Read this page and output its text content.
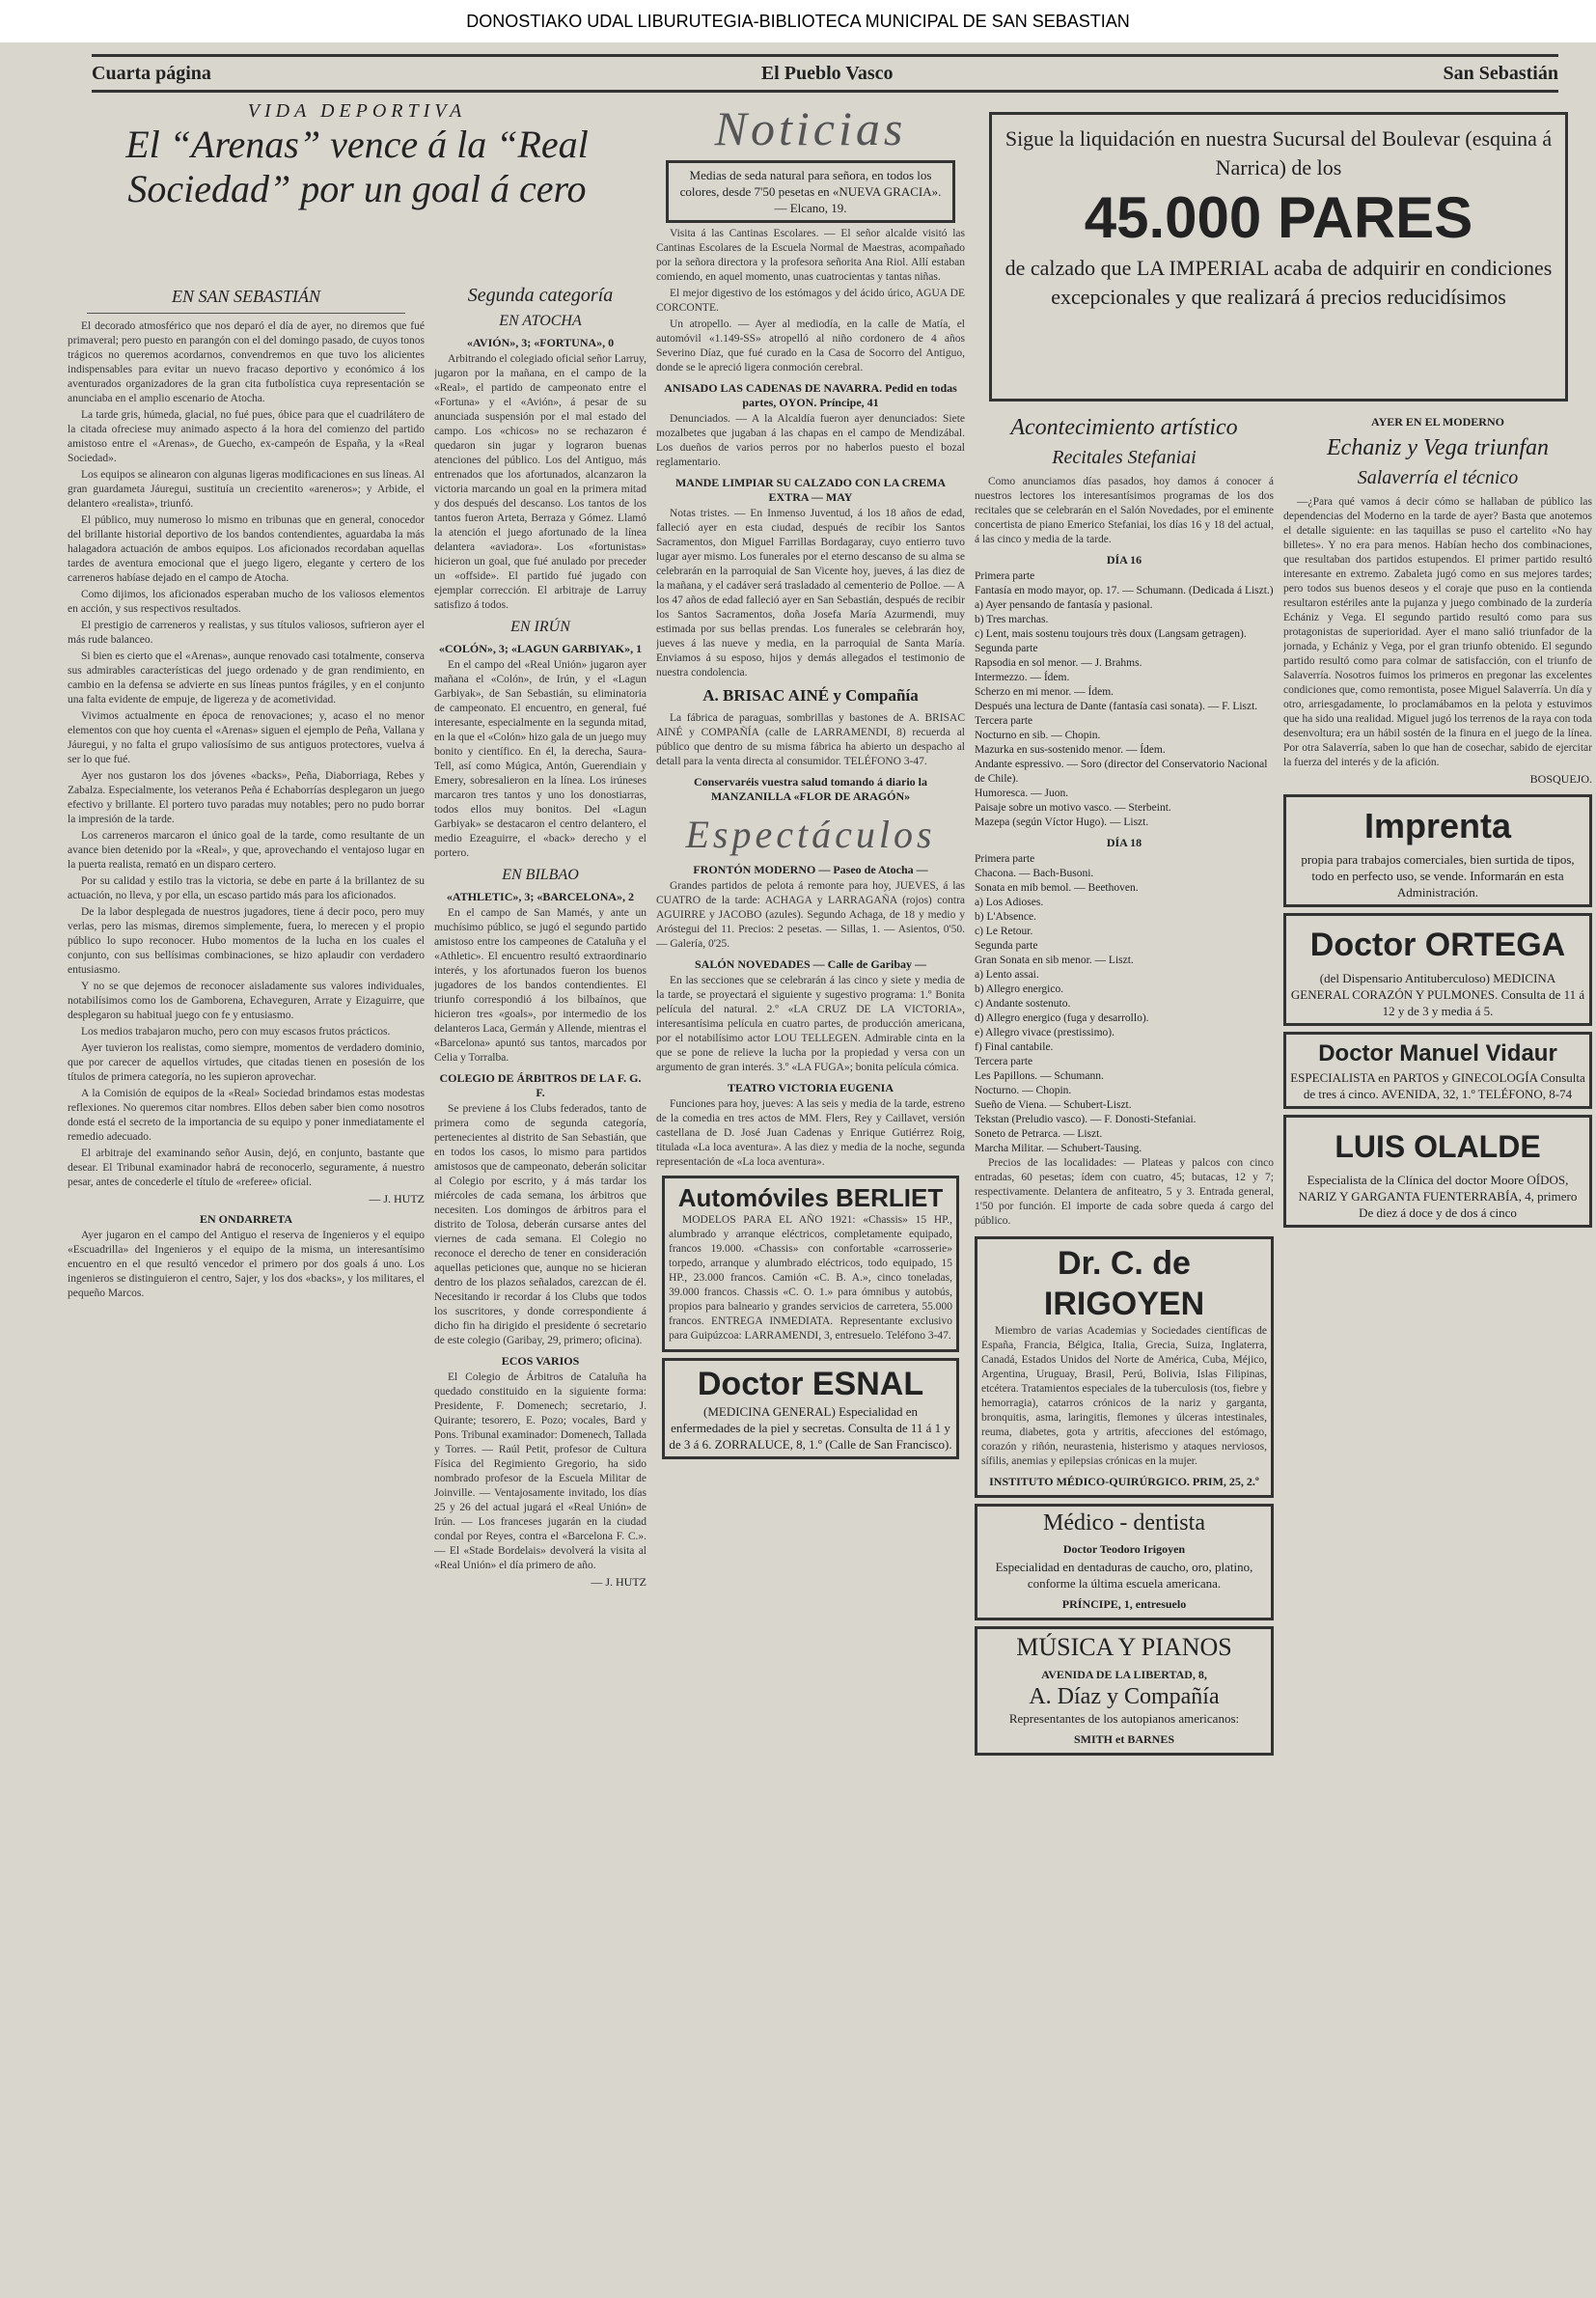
DONOSTIAKO UDAL LIBURUTEGIA-BIBLIOTECA MUNICIPAL DE SAN SEBASTIAN
Cuarta página	El Pueblo Vasco	San Sebastián
VIDA DEPORTIVA
El “Arenas” vence á la “Real Sociedad” por un goal á cero
EN SAN SEBASTIÁN

El decorado atmosférico que nos deparó el día de ayer, no diremos que fué primaveral; pero puesto en parangón con el del domingo pasado, de cuyos tonos trágicos no queremos acordarnos, convendremos en que tuvo los alicientes indispensables para evitar un nuevo fracaso deportivo y económico á los aventurados organizadores de la gran cita futbolística cuya representación se anunciaba en el amplio escenario de Atocha.

La tarde gris, húmeda, glacial, no fué pues, óbice para que el cuadrilátero de la citada ofreciese muy animado aspecto á la hora del comienzo del partido amistoso entre el «Arenas», de Guecho, ex-campeón de España, y la «Real Sociedad».

Los equipos se alinearon con algunas ligeras modificaciones en sus líneas. Al gran guardameta Jáuregui, sustituía un crecientito «areneros»; y Arbide, el delantero «realista», triunfó.

El público, muy numeroso lo mismo en tribunas que en general, conocedor del brillante historial deportivo de los bandos contendientes, aguardaba la más halagadora actuación de ambos equipos. Los aficionados recordaban aquellas tardes de aventura emocional que el juego ligero, elegante y certero de los carreneros habíase dejado en el campo de Atocha.

Como dijimos, los aficionados esperaban mucho de los valiosos elementos en acción, y sus respectivos resultados.

El prestigio de carreneros y realistas, y sus títulos valiosos, sufrieron ayer el más rude balanceo.

Si bien es cierto que el «Arenas», aunque renovado casi totalmente, conserva sus admirables características del juego ordenado y de gran rendimiento, en cambio en la defensa se advierte en sus líneas puntos frágiles, y en el conjunto una falta evidente de empuje, de ligereza y de acometividad.

Vivimos actualmente en época de renovaciones; y, acaso el no menor elementos con que hoy cuenta el «Arenas» siguen el ejemplo de Peña, Vallana y Jáuregui, y no falta el grupo valiosísimo de sus antiguos protectores, vuelva á ser lo que fué.

Ayer nos gustaron los dos jóvenes «backs», Peña, Diaborriaga, Rebes y Zabalza. Especialmente, los veteranos Peña é Echaborrías desplegaron un juego efectivo y brillante. El portero tuvo paradas muy notables; pero no pudo borrar la impresión de la tarde.

Los carreneros marcaron el único goal de la tarde, como resultante de un avance bien detenido por la «Real», y que, aprovechando el ventajoso lugar en la puerta realista, remató en un disparo certero.

Por su calidad y estilo tras la victoria, se debe en parte á la brillantez de su actuación, no lleva, y por ella, un escaso partido más para los aficionados.

De la labor desplegada de nuestros jugadores, tiene á decir poco, pero muy verlas, pero las mismas, diremos simplemente, fuera, lo merecen y el propio público lo supo reconocer. Hubo momentos de la lucha en los cuales el conjunto, con sus bellísimas combinaciones, se hizo aplaudir con verdadero entusiasmo.

Y no se que dejemos de reconocer aisladamente sus valores individuales, notabilísimos como los de Gamborena, Echaveguren, Arrate y Eizaguirre, que desplegaron su habitual juego con fe y entusiasmo.

Los medios trabajaron mucho, pero con muy escasos frutos prácticos.

Ayer tuvieron los realistas, como siempre, momentos de verdadero dominio, que por carecer de aquellos virtudes, que citadas tienen en posesión de los títulos de primera categoría, no les supieron aprovechar.

A la Comisión de equipos de la «Real» Sociedad brindamos estas modestas reflexiones. No queremos citar nombres. Ellos deben saber bien como nosotros donde está el secreto de la importancia de su equipo y poner inmediatamente el remedio adecuado.

El arbitraje del examinando señor Ausin, dejó, en conjunto, bastante que desear. El Tribunal examinador habrá de reconocerlo, seguramente, á nuestro pesar, antes de concederle el título de «referee» oficial.

— J. HUTZ
EN ONDARRETA

Ayer jugaron en el campo del Antiguo el reserva de Ingenieros y el equipo «Escuadrilla» del Ingenieros y el equipo de la misma, un interesantísimo encuentro en el que resultó vencedor el primero por dos goals á uno. Los ingenieros se distinguieron el centro, Sajer, y los dos «backs», y los militares, el pequeño Marcos.

Segunda categoría
EN ATOCHA
«AVIÓN», 3; «FORTUNA», 0

Arbitrando el colegiado oficial señor Larruy, jugaron por la mañana, en el campo de la «Real», el partido de campeonato entre el «Fortuna» y el «Avión», á pesar de su anunciada suspensión por el mal estado del campo. Los «chicos» no se rechazaron é quedaron sin jugar y lograron buenas atenciones del público. Los del Antiguo, más entrenados que los afortunados, alcanzaron la victoria marcando un goal en la primera mitad y dos después del descanso. Los tantos de los tantos fueron Arteta, Berraza y Gómez. Llamó la atención el juego afortunado de la línea delantera «aviadora». Los «fortunistas» hicieron un goal, que fué anulado por preceder un «offside». El partido fué jugado con ejemplar corrección. El arbitraje de Larruy satisfizo á todos.

EN IRÚN
«COLÓN», 3; «LAGUN GARBIYAK», 1

En el campo del «Real Unión» jugaron ayer mañana el «Colón», de Irún, y el «Lagun Garbiyak», de San Sebastián, su eliminatoria de campeonato. El encuentro, en general, fué interesante, especialmente en la segunda mitad, en la que el «Colón» hizo gala de un juego muy bonito y científico. En él, la derecha, Saura-Tell, así como Múgica, Antón, Guerendiain y Emery, sobresalieron en la línea. Los irúneses marcaron tres tantos y uno los donostiarras, todos ellos muy bonitos. Del «Lagun Garbiyak» se destacaron el centro delantero, el medio Ezeaguirre, el «back» derecho y el portero.

EN BILBAO
«ATHLETIC», 3; «BARCELONA», 2

En el campo de San Mamés, y ante un muchísimo público, se jugó el segundo partido amistoso entre los campeones de Cataluña y el «Athletic». El encuentro resultó extraordinario interés, y los afortunados fueron los buenos jugadores de los bandos contendientes. El triunfo correspondió á los bilbaínos, que hicieron tres «goals», por intermedio de los delanteros Laca, Germán y Allende, mientras el «Barcelona» apuntó sus tantos, marcados por Celia y Torralba.

COLEGIO DE ÁRBITROS DE LA F. G. F.

Se previene á los Clubs federados, tanto de primera como de segunda categoría, pertenecientes al distrito de San Sebastián, que en todos los casos, lo mismo para partidos amistosos que de campeonato, deberán solicitar al Colegio por escrito, y á más tardar los miércoles de cada semana, los árbitros que necesiten. Los domingos de árbitros para el distrito de Tolosa, deberán cursarse antes del viernes de cada semana. El Colegio no reconoce el derecho de tener en consideración aquellas peticiones que, aunque no se hicieran dentro de los plazos señalados, carezcan de él. Necesitando ir recordar á los Clubs que todos los suscritores, y donde correspondiente á dicho fin ha dirigido el presidente ó secretario de este colegio (Garibay, 29, primero; oficina).

ECOS VARIOS

El Colegio de Árbitros de Cataluña ha quedado constituido en la siguiente forma: Presidente, F. Domenech; secretario, J. Quirante; tesorero, E. Pozo; vocales, Bard y Pons. Tribunal examinador: Domenech, Tallada y Torres. — Raúl Petit, profesor de Cultura Física del Regimiento Gregorio, ha sido nombrado profesor de la Escuela Militar de Joinville. — Ventajosamente invitado, los días 25 y 26 del actual jugará el «Real Unión» de Irún. — Los franceses jugarán en la ciudad condal por Reyes, contra el «Barcelona F. C.». — El «Stade Bordelais» devolverá la visita al «Real Unión» el día primero de año.

— J. HUTZ
Noticias
Medias de seda natural para señora, en todos los colores, desde 7'50 pesetas en «NUEVA GRACIA». — Elcano, 19.

Visita á las Cantinas Escolares. — El señor alcalde visitó las Cantinas Escolares de la Escuela Normal de Maestras, acompañado por la señora directora y la profesora señorita Ana Riol. Allí estaban comiendo, en aquel momento, unas cuatrocientas y tantas niñas.

El mejor digestivo de los estómagos y del ácido úrico, AGUA DE CORCONTE.

Un atropello. — Ayer al mediodía, en la calle de Matía, el automóvil «1.149-SS» atropelló al niño cordonero de 4 años Severino Díaz, que fué curado en la Casa de Socorro del Antiguo, donde se le apreció ligera conmoción cerebral.

ANISADO LAS CADENAS DE NAVARRA. Pedid en todas partes, OYON. Príncipe, 41

Denunciados. — A la Alcaldía fueron ayer denunciados: Siete mozalbetes que jugaban á las chapas en el campo de Mendizábal. Los dueños de varios perros por no haberlos puesto el bozal reglamentario.

MANDE LIMPIAR SU CALZADO CON LA CREMA EXTRA — MAY

Notas tristes. — En Inmenso Juventud, á los 18 años de edad, falleció ayer en esta ciudad, después de recibir los Santos Sacramentos, don Miguel Farrillas Bordagaray, cuyo entierro tuvo lugar ayer mismo. Los funerales por el eterno descanso de su alma se celebrarán en la parroquial de San Vicente hoy, jueves, á las diez de la mañana, y el cadáver será trasladado al cementerio de Polloe. — A los 47 años de edad falleció ayer en San Sebastián, después de recibir los Santos Sacramentos, doña Josefa María Azurmendi, muy estimada por sus bellas prendas. Los funerales se celebrarán hoy, jueves á las nueve y media, en la parroquial de Santa María. Enviamos á su esposo, hijos y demás allegados el testimonio de nuestra condolencia.

A. BRISAC AINÉ y Compañía

La fábrica de paraguas, sombrillas y bastones de A. BRISAC AINÉ y COMPAÑÍA (calle de LARRAMENDI, 8) recuerda al público que dentro de su misma fábrica ha abierto un despacho al detall para la venta directa al consumidor. TELÉFONO 3-47.

Conservaréis vuestra salud tomando á diario la MANZANILLA «FLOR DE ARAGÓN»
Espectáculos
FRONTÓN MODERNO — Paseo de Atocha —

Grandes partidos de pelota á remonte para hoy, JUEVES, á las CUATRO de la tarde: ACHAGA y LARRAGAÑA (rojos) contra AGUIRRE y JACOBO (azules). Segundo Achaga, de 18 y medio y Aróstegui del 11. Precios: 2 pesetas. — Sillas, 1. — Asientos, 0'50. — Galería, 0'25.

SALÓN NOVEDADES — Calle de Garibay —

En las secciones que se celebrarán á las cinco y siete y media de la tarde, se proyectará el siguiente y sugestivo programa: 1.º Bonita película del natural. 2.º «LA CRUZ DE LA VICTORIA», interesantísima película en cuatro partes, de producción americana, por el notabilísimo actor LOU TELLEGEN. Admirable cinta en la que se pone de relieve la lucha por la propiedad y versa con un argumento de gran interés. 3.º «LA FUGA»; bonita película cómica.

TEATRO VICTORIA EUGENIA

Funciones para hoy, jueves: A las seis y media de la tarde, estreno de la comedia en tres actos de MM. Flers, Rey y Caillavet, versión castellana de D. José Juan Cadenas y Enrique Gutiérrez Roig, titulada «La loca aventura». A las diez y media de la noche, segunda representación de «La loca aventura».

Automóviles BERLIET

MODELOS PARA EL AÑO 1921: «Chassis» 15 HP., alumbrado y arranque eléctricos, completamente equipado, francos 19.000. «Chassis» con confortable «carrosserie» torpedo, arranque y alumbrado eléctricos, todo equipado, 15 HP., 23.000 francos. Camión «C. B. A.», cinco toneladas, 39.000 francos. Chassis «C. O. 1.» para ómnibus y autobús, propios para balneario y grandes servicios de carretera, 55.000 francos. ENTREGA INMEDIATA. Representante exclusivo para Guipúzcoa: LARRAMENDI, 3, entresuelo. Teléfono 3-47.

Doctor ESNAL
(MEDICINA GENERAL) Especialidad en enfermedades de la piel y secretas. Consulta de 11 á 1 y de 3 á 6. ZORRALUCE, 8, 1.º (Calle de San Francisco).
Sigue la liquidación en nuestra Sucursal del Boulevar (esquina á Narrica) de los
45.000 PARES
de calzado que LA IMPERIAL acaba de adquirir en condiciones excepcionales y que realizará á precios reducidísimos
Acontecimiento artístico
Recitales Stefaniai

Como anunciamos días pasados, hoy damos á conocer á nuestros lectores los interesantísimos programas de los dos recitales que se celebrarán en el Salón Novedades, por el eminente concertista de piano Emerico Stefaniai, los días 16 y 18 del actual, á las cinco y media de la tarde.

DÍA 16
Primera parte
Fantasía en modo mayor, op. 17. — Schumann. (Dedicada á Liszt.)
a) Ayer pensando de fantasía y pasional.
b) Tres marchas.
c) Lent, mais sostenu toujours très doux (Langsam getragen).
Segunda parte
Rapsodia en sol menor. — J. Brahms.
Intermezzo. — Ídem.
Scherzo en mi menor. — Ídem.
Después una lectura de Dante (fantasía casi sonata). — F. Liszt.
Tercera parte
Nocturno en sib. — Chopin.
Mazurka en sus-sostenido menor. — Ídem.
Andante espressivo. — Soro (director del Conservatorio Nacional de Chile).
Humoresca. — Juon.
Paisaje sobre un motivo vasco. — Sterbeint.
Mazepa (según Víctor Hugo). — Liszt.
DÍA 18
Primera parte
Chacona. — Bach-Busoni.
Sonata en mib bemol. — Beethoven.
a) Los Adioses.
b) L'Absence.
c) Le Retour.
Segunda parte
Gran Sonata en sib menor. — Liszt.
a) Lento assai.
b) Allegro energico.
c) Andante sostenuto.
d) Allegro energico (fuga y desarrollo).
e) Allegro vivace (prestissimo).
f) Final cantabile.
Tercera parte
Les Papillons. — Schumann.
Nocturno. — Chopin.
Sueño de Viena. — Schubert-Liszt.
Tekstan (Preludio vasco). — F. Donosti-Stefaniai.
Soneto de Petrarca. — Liszt.
Marcha Militar. — Schubert-Tausing.

Precios de las localidades: — Plateas y palcos con cinco entradas, 60 pesetas; ídem con cuatro, 45; butacas, 12 y 7; respectivamente. Delantera de anfiteatro, 5 y 3. Entrada general, 1'50 por función. El importe de cada sobre queda á cargo del público.

Dr. C. de IRIGOYEN

Miembro de varias Academias y Sociedades científicas de España, Francia, Bélgica, Italia, Grecia, Suiza, Inglaterra, Canadá, Estados Unidos del Norte de América, Cuba, Méjico, Argentina, Uruguay, Brasil, Perú, Bolivia, Islas Filipinas, etcétera. Tratamientos especiales de la tuberculosis (tos, fiebre y hemorragia), catarros crónicos de la nariz y garganta, bronquitis, asma, laringitis, flemones y úlceras intestinales, reuma, diabetes, gota y artritis, afecciones del estómago, corazón y riñón, neurastenia, histerismo y ataques nerviosos, sífilis, anemias y epilepsias crónicas en la mujer.

INSTITUTO MÉDICO-QUIRÚRGICO. PRIM, 25, 2.º
Médico - dentista
Doctor Teodoro Irigoyen
Especialidad en dentaduras de caucho, oro, platino, conforme la última escuela americana.
PRÍNCIPE, 1, entresuelo
MÚSICA Y PIANOS
AVENIDA DE LA LIBERTAD, 8,
A. Díaz y Compañía
Representantes de los autopianos americanos:
SMITH et BARNES
AYER EN EL MODERNO
Echaniz y Vega triunfan
Salaverría el técnico

—¿Para qué vamos á decir cómo se hallaban de público las dependencias del Moderno en la tarde de ayer? Basta que anotemos el detalle siguiente: en las taquillas se puso el cartelito «No hay billetes». Y no era para menos. Habían hecho dos combinaciones, que resultaban dos partidos estupendos. El primer partido resultó interesante en extremo. Zabaleta jugó como en sus mejores tardes; pero todos sus buenos deseos y el coraje que puso en la contienda resultaron estériles ante la pujanza y juego combinado de la zurdería Echániz y Vega. El segundo partido resultó como para sus protagonistas de superioridad. Ayer el mano salió triunfador de la jornada, y Echániz y Vega, por el gran triunfo obtenido. El segundo partido resultó como para colmar de satisfacción, con el triunfo de Salaverría. Nosotros fuimos los primeros en pregonar las excelentes condiciones que, como remontista, posee Miguel Salaverría. Un día y otro, arriesgadamente, lo proclamábamos en la pelota y estuvimos que ha sido una realidad. Miguel jugó los terrenos de la raya con toda desenvoltura; era un hábil sostén de la finura en el juego de la línea. Por otra Salaverría, saben lo que han de cosechar, sabido de ejercitar la fuerza del interés y de la afición.

BOSQUEJO.
Imprenta
propia para trabajos comerciales, bien surtida de tipos, todo en perfecto uso, se vende. Informarán en esta Administración.
Doctor ORTEGA
(del Dispensario Antituberculoso) MEDICINA GENERAL CORAZÓN Y PULMONES. Consulta de 11 á 12 y de 3 y media á 5.
Doctor Manuel Vidaur
ESPECIALISTA en PARTOS y GINECOLOGÍA Consulta de tres á cinco. AVENIDA, 32, 1.º TELÉFONO, 8-74
LUIS OLALDE
Especialista de la Clínica del doctor Moore OÍDOS, NARIZ Y GARGANTA FUENTERRABÍA, 4, primero De diez á doce y de dos á cinco
